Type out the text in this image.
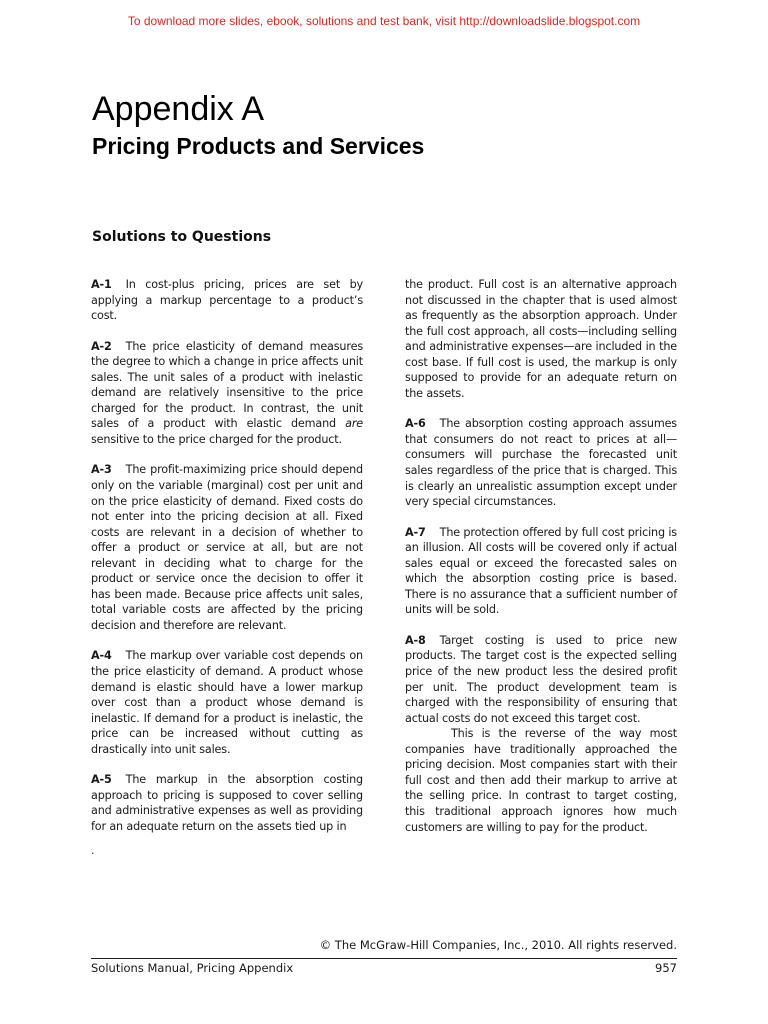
To download more slides, ebook, solutions and test bank, visit http://downloadslide.blogspot.com
Appendix A
Pricing Products and Services
Solutions to Questions

A-1 In cost-plus pricing, prices are set by applying a markup percentage to a product’s cost.

A-2 The price elasticity of demand measures the degree to which a change in price affects unit sales. The unit sales of a product with inelastic demand are relatively insensitive to the price charged for the product. In contrast, the unit sales of a product with elastic demand are sensitive to the price charged for the product.

A-3 The profit-maximizing price should depend only on the variable (marginal) cost per unit and on the price elasticity of demand. Fixed costs do not enter into the pricing decision at all. Fixed costs are relevant in a decision of whether to offer a product or service at all, but are not relevant in deciding what to charge for the product or service once the decision to offer it has been made. Because price affects unit sales, total variable costs are affected by the pricing decision and therefore are relevant.

A-4 The markup over variable cost depends on the price elasticity of demand. A product whose demand is elastic should have a lower markup over cost than a product whose demand is inelastic. If demand for a product is inelastic, the price can be increased without cutting as drastically into unit sales.

A-5 The markup in the absorption costing approach to pricing is supposed to cover selling and administrative expenses as well as providing for an adequate return on the assets tied up in

.

the product. Full cost is an alternative approach not discussed in the chapter that is used almost as frequently as the absorption approach. Under the full cost approach, all costs—including selling and administrative expenses—are included in the cost base. If full cost is used, the markup is only supposed to provide for an adequate return on the assets.

A-6 The absorption costing approach assumes that consumers do not react to prices at all—consumers will purchase the forecasted unit sales regardless of the price that is charged. This is clearly an unrealistic assumption except under very special circumstances.

A-7 The protection offered by full cost pricing is an illusion. All costs will be covered only if actual sales equal or exceed the forecasted sales on which the absorption costing price is based. There is no assurance that a sufficient number of units will be sold.

A-8 Target costing is used to price new products. The target cost is the expected selling price of the new product less the desired profit per unit. The product development team is charged with the responsibility of ensuring that actual costs do not exceed this target cost.

This is the reverse of the way most companies have traditionally approached the pricing decision. Most companies start with their full cost and then add their markup to arrive at the selling price. In contrast to target costing, this traditional approach ignores how much customers are willing to pay for the product.

© The McGraw-Hill Companies, Inc., 2010. All rights reserved.
Solutions Manual, Pricing Appendix	957
